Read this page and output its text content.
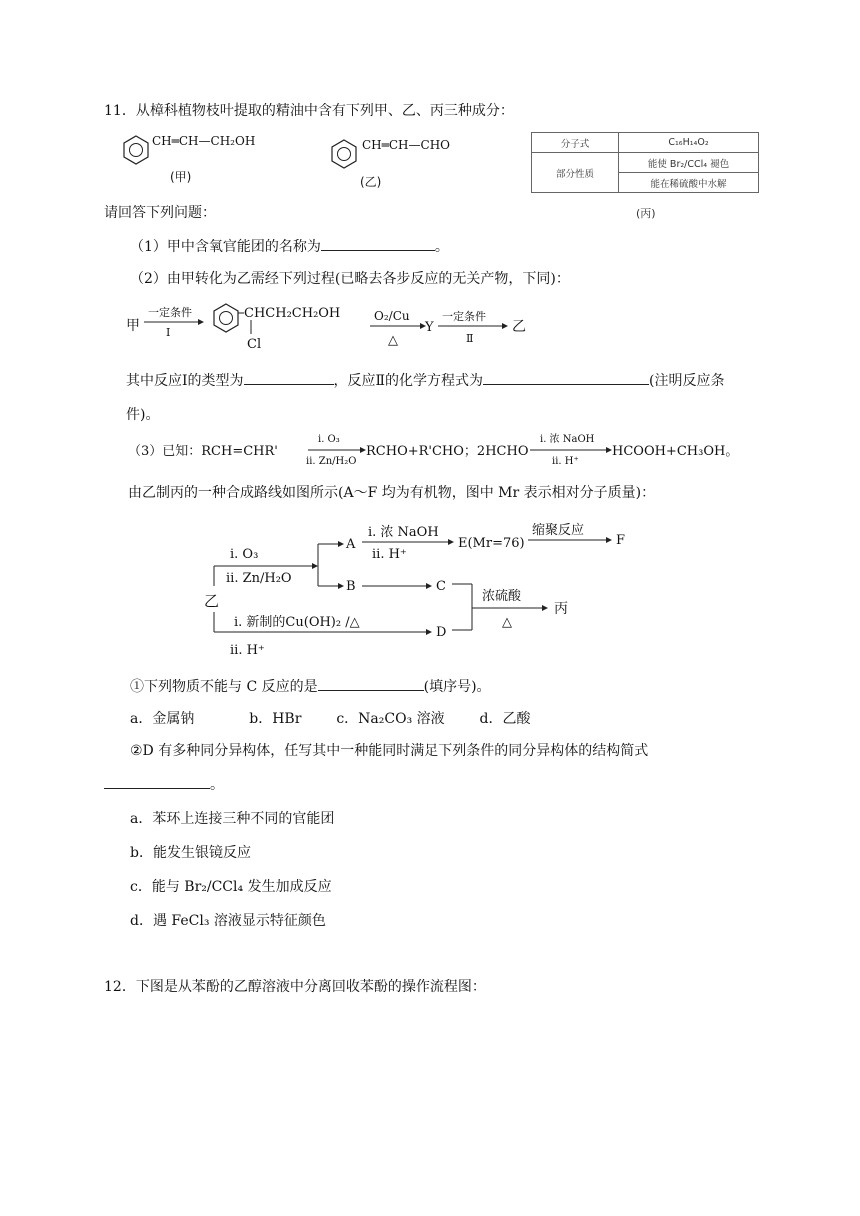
11．从樟科植物枝叶提取的精油中含有下列甲、乙、丙三种成分：
CH═CH—CH₂OH
(甲)
CH═CH—CHO
(乙)
分子式	C₁₆H₁₄O₂
部分性质	能使 Br₂/CCl₄ 褪色
	能在稀硫酸中水解
(丙)
请回答下列问题：
（1）甲中含氧官能团的名称为	。
（2）由甲转化为乙需经下列过程(已略去各步反应的无关产物，下同)：
甲
一定条件
Ⅰ
CHCH₂CH₂OH
Cl
O₂/Cu
△
Y
一定条件
Ⅱ
乙
其中反应Ⅰ的类型为	，反应Ⅱ的化学方程式为	(注明反应条
件)。
（3）已知：RCH=CHR'
ⅰ. O₃
ⅱ. Zn/H₂O
RCHO+R'CHO；2HCHO
ⅰ. 浓 NaOH
ⅱ. H⁺
HCOOH+CH₃OH。
由乙制丙的一种合成路线如图所示(A～F 均为有机物，图中 Mr 表示相对分子质量)：
乙
ⅰ. O₃
ⅱ. Zn/H₂O
A
B
ⅰ. 浓 NaOH
ⅱ. H⁺
E(Mr=76)
缩聚反应
F
C
ⅰ. 新制的Cu(OH)₂ /△
ⅱ. H⁺
D
浓硫酸
△
丙
①下列物质不能与 C 反应的是	(填序号)。
a．金属钠	b．HBr c．Na₂CO₃ 溶液 d．乙酸
②D 有多种同分异构体，任写其中一种能同时满足下列条件的同分异构体的结构简式
。
a．苯环上连接三种不同的官能团
b．能发生银镜反应
c．能与 Br₂/CCl₄ 发生加成反应
d．遇 FeCl₃ 溶液显示特征颜色
12．下图是从苯酚的乙醇溶液中分离回收苯酚的操作流程图：
